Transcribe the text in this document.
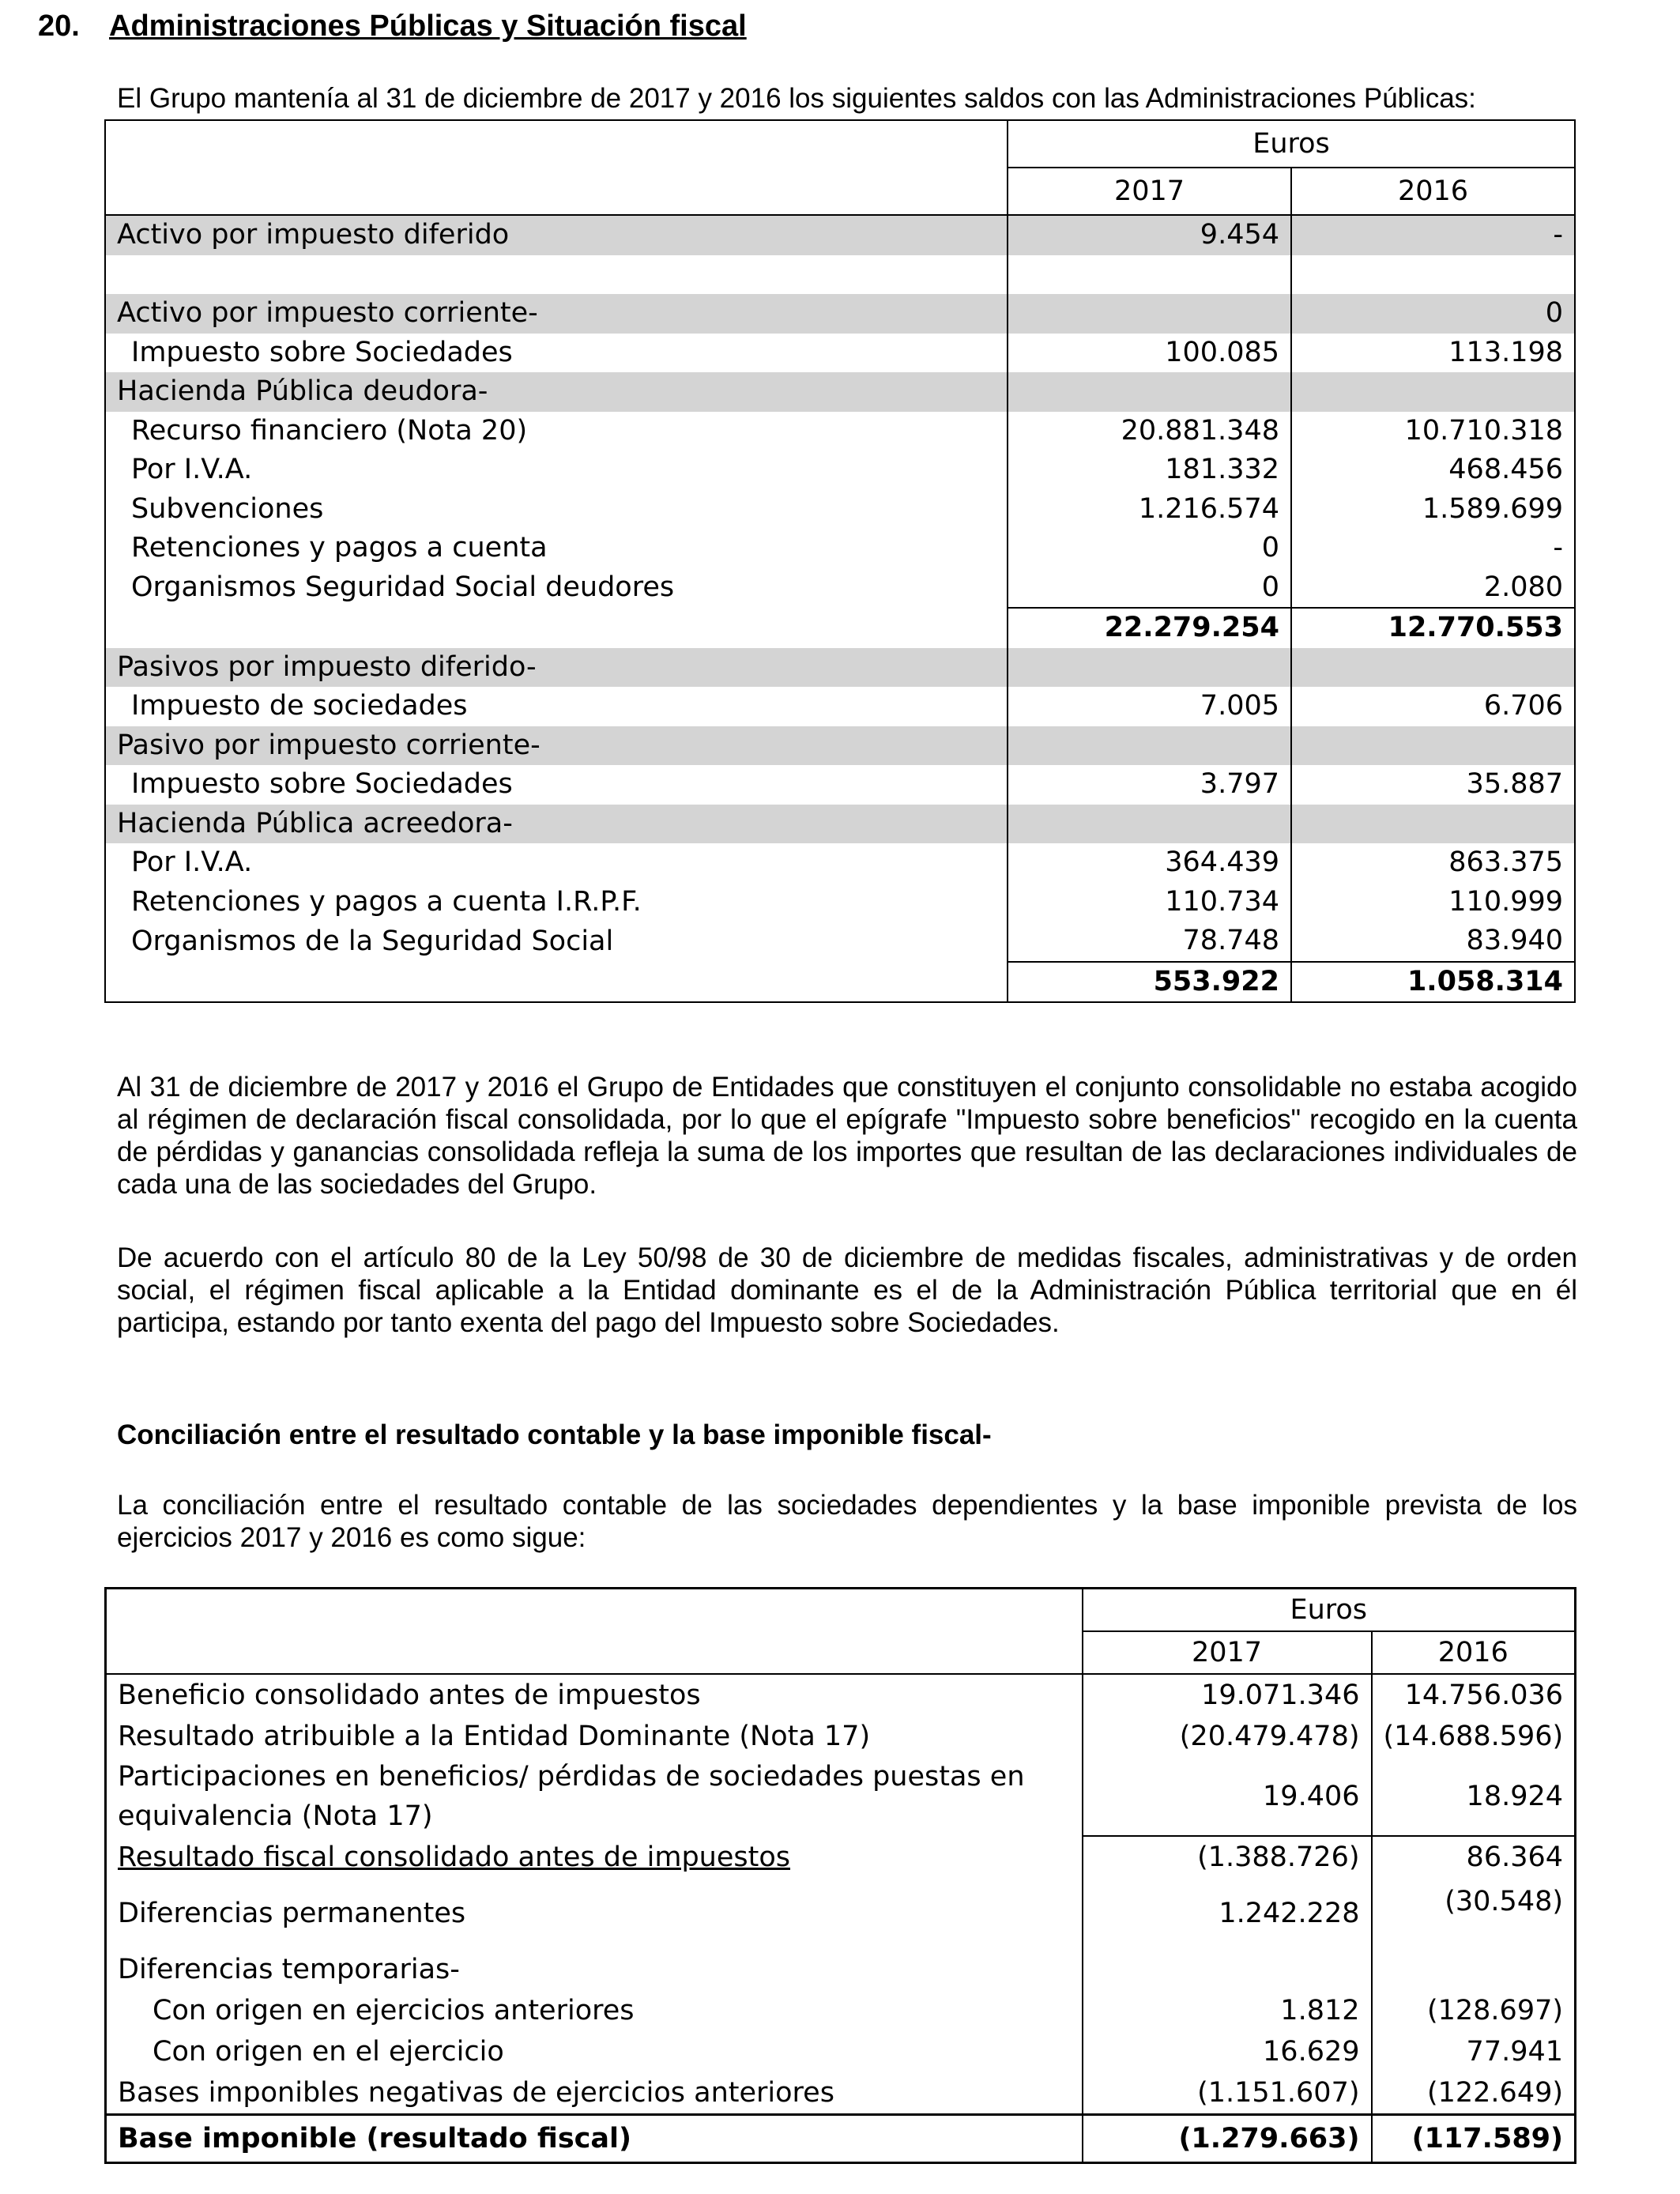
20. Administraciones Públicas y Situación fiscal
El Grupo mantenía al 31 de diciembre de 2017 y 2016 los siguientes saldos con las Administraciones Públicas:
	Euros	
	2017	2016
Activo por impuesto diferido	9.454	-

Activo por impuesto corriente-		0
Impuesto sobre Sociedades	100.085	113.198
Hacienda Pública deudora-		
Recurso financiero (Nota 20)	20.881.348	10.710.318
Por I.V.A.	181.332	468.456
Subvenciones	1.216.574	1.589.699
Retenciones y pagos a cuenta	0	-
Organismos Seguridad Social deudores	0	2.080
	22.279.254	12.770.553
Pasivos por impuesto diferido-		
Impuesto de sociedades	7.005	6.706
Pasivo por impuesto corriente-		
Impuesto sobre Sociedades	3.797	35.887
Hacienda Pública acreedora-		
Por I.V.A.	364.439	863.375
Retenciones y pagos a cuenta I.R.P.F.	110.734	110.999
Organismos de la Seguridad Social	78.748	83.940
	553.922	1.058.314
Al 31 de diciembre de 2017 y 2016 el Grupo de Entidades que constituyen el conjunto consolidable no estaba acogido al régimen de declaración fiscal consolidada, por lo que el epígrafe "Impuesto sobre beneficios" recogido en la cuenta de pérdidas y ganancias consolidada refleja la suma de los importes que resultan de las declaraciones individuales de cada una de las sociedades del Grupo.
De acuerdo con el artículo 80 de la Ley 50/98 de 30 de diciembre de medidas fiscales, administrativas y de orden social, el régimen fiscal aplicable a la Entidad dominante es el de la Administración Pública territorial que en él participa, estando por tanto exenta del pago del Impuesto sobre Sociedades.
Conciliación entre el resultado contable y la base imponible fiscal-
La conciliación entre el resultado contable de las sociedades dependientes y la base imponible prevista de los ejercicios 2017 y 2016 es como sigue:
	Euros	
	2017	2016
Beneficio consolidado antes de impuestos	19.071.346	14.756.036
Resultado atribuible a la Entidad Dominante (Nota 17)	(20.479.478)	(14.688.596)
Participaciones en beneficios/ pérdidas de sociedades puestas en equivalencia (Nota 17)	19.406	18.924
Resultado fiscal consolidado antes de impuestos	(1.388.726)	86.364
Diferencias permanentes	1.242.228	(30.548)
Diferencias temporarias-		
Con origen en ejercicios anteriores	1.812	(128.697)
Con origen en el ejercicio	16.629	77.941
Bases imponibles negativas de ejercicios anteriores	(1.151.607)	(122.649)
Base imponible (resultado fiscal)	(1.279.663)	(117.589)
